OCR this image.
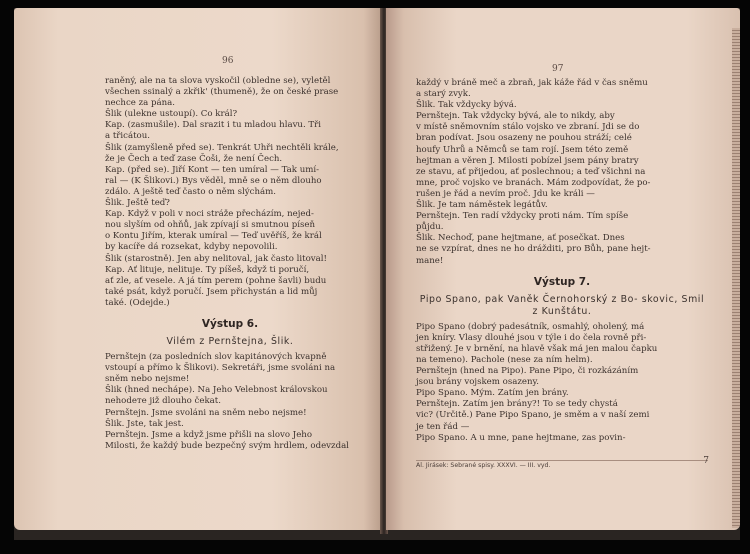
96

raněný, ale na ta slova vyskočil (obledne se), vyletěl

všechen ssinalý a zkřik' (thumeně), že on české prase

nechce za pána.

Šlik (ulekne ustoupí). Co král?

Kap. (zasmušile). Dal srazit i tu mladou hlavu. Tři

a třicátou.

Šlik (zamyšleně před se). Tenkrát Uhři nechtěli krále,

že je Čech a teď zase Čoši, že není Čech.

Kap. (před se). Jiří Kont — ten umíral — Tak umí-

ral — (K Šlikovi.) Bys věděl, mně se o něm dlouho

zdálo. A ještě teď často o něm slýchám.

Šlik. Ještě teď?

Kap. Když v poli v noci stráže přecházím, nejed-

nou slyším od ohňů, jak zpívají si smutnou píseň

o Kontu Jiřím, kterak umíral — Teď uvěříš, že král

by kacíře dá rozsekat, kdyby nepovolili.

Šlik (starostně). Jen aby nelitoval, jak často litoval!

Kap. Ať lituje, nelituje. Ty píšeš, když ti poručí,

ať zle, ať vesele. A já tím perem (pohne šavli) budu

také psát, když poručí. Jsem přichystán a lid můj

také. (Odejde.)

Výstup 6.
Vilém z Pernštejna, Šlik.

Pernštejn (za posledních slov kapitánových kvapně

vstoupí a přímo k Šlikovi). Sekretáři, jsme svoláni na

sněm nebo nejsme!

Šlik (hned nechápe). Na Jeho Velebnost královskou

nehodeте již dlouho čekat.

Pernštejn. Jsme svoláni na sněm nebo nejsme!

Šlik. Jste, tak jest.

Pernštejn. Jsme a když jsme přišli na slovo Jeho

Milosti, že každý bude bezpečný svým hrdlem, odevzdal

97

každý v bráně meč a zbraň, jak káže řád v čas sněmu

a starý zvyk.

Šlik. Tak vždycky bývá.

Pernštejn. Tak vždycky bývá, ale to nikdy, aby

v místě sněmovním stálo vojsko ve zbraní. Jdi se do

bran podívat. Jsou osazeny ne pouhou stráží; celé

houfy Uhrů a Němců se tam rojí. Jsem této země

hejtman a věren J. Milosti pobízel jsem pány bratry

ze stavu, ať přijedou, ať poslechnou; a teď všichni na

mne, proč vojsko ve branách. Mám zodpovídat, že po-

rušen je řád a nevím proč. Jdu ke králi —

Šlik. Je tam náměstek legátův.

Pernštejn. Ten radí vždycky proti nám. Tím spíše

půjdu.

Šlik. Nechoď, pane hejtmane, ať posečkat. Dnes

ne se vzpírat, dnes ne ho drážditi, pro Bůh, pane hejt-

mane!

Výstup 7.
Pipo Spano, pak Vaněk Černohorský z Bo- skovic, Smil z Kunštátu.

Pipo Spano (dobrý padesátník, osmahlý, oholený, má

jen kníry. Vlasy dlouhé jsou v týle i do čela rovně při-

střižený. Je v brnění, na hlavě však má jen malou čapku

na temeno). Pachole (nese za ním helm).

Pernštejn (hned na Pipo). Pane Pipo, či rozkázáním

jsou brány vojskem osazeny.

Pipo Spano. Mým. Zatím jen brány.

Pernštejn. Zatím jen brány?! To se tedy chystá

vic? (Určitě.) Pane Pipo Spano, je směm a v naší zemi

je ten řád —

Pipo Spano. A u mne, pane hejtmane, zas povin-

Al. Jirásek: Sebrané spisy. XXXVI. — III. vyd.	7
